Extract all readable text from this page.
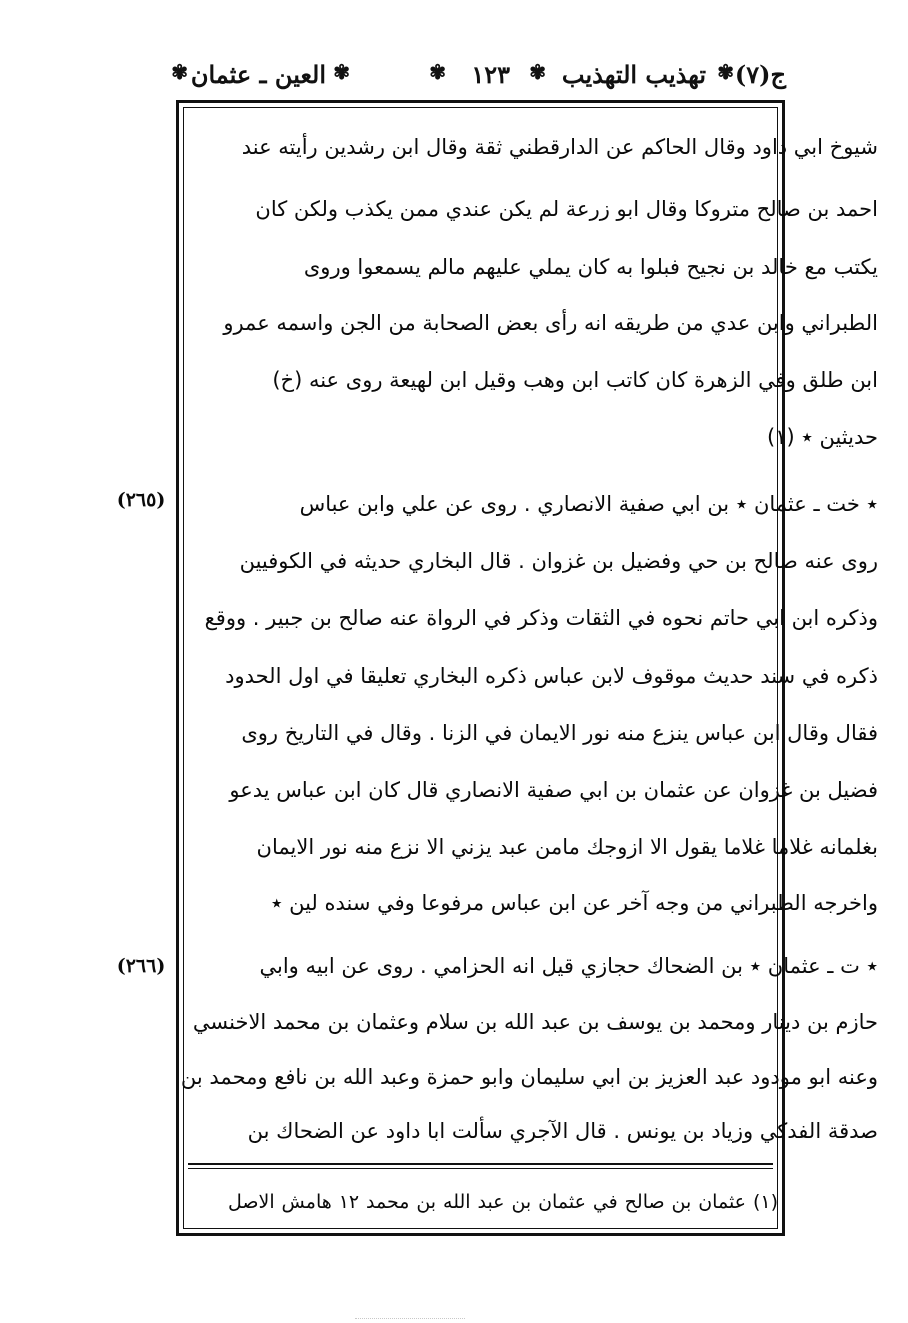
ج(٧)
✾
تهذيب التهذيب
✾
١٢٣
✾
✾
العين ـ عثمان
✾
شيوخ ابي داود وقال الحاكم عن الدارقطني ثقة وقال ابن رشدين رأيته عند
احمد بن صالح متروكا وقال ابو زرعة لم يكن عندي ممن يكذب ولكن كان
يكتب مع خالد بن نجيح فبلوا به كان يملي عليهم مالم يسمعوا وروى
الطبراني وابن عدي من طريقه انه رأى بعض الصحابة من الجن واسمه عمرو
ابن طلق وفي الزهرة كان كاتب ابن وهب وقيل ابن لهيعة روى عنه (خ)
حديثين ٭ (١)
(٢٦٥)	٭ خت ـ عثمان ٭ بن ابي صفية الانصاري . روى عن علي وابن عباس
روى عنه صالح بن حي وفضيل بن غزوان . قال البخاري حديثه في الكوفيين
وذكره ابن ابي حاتم نحوه في الثقات وذكر في الرواة عنه صالح بن جبير . ووقع
ذكره في سند حديث موقوف لابن عباس ذكره البخاري تعليقا في اول الحدود
فقال وقال ابن عباس ينزع منه نور الايمان في الزنا . وقال في التاريخ روى
فضيل بن غزوان عن عثمان بن ابي صفية الانصاري قال كان ابن عباس يدعو
بغلمانه غلاما غلاما يقول الا ازوجك مامن عبد يزني الا نزع منه نور الايمان
واخرجه الطبراني من وجه آخر عن ابن عباس مرفوعا وفي سنده لين ٭
(٢٦٦)	٭ ت ـ عثمان ٭ بن الضحاك حجازي قيل انه الحزامي . روى عن ابيه وابي
حازم بن دينار ومحمد بن يوسف بن عبد الله بن سلام وعثمان بن محمد الاخنسي
وعنه ابو مودود عبد العزيز بن ابي سليمان وابو حمزة وعبد الله بن نافع ومحمد بن
صدقة الفدكي وزياد بن يونس . قال الآجري سألت ابا داود عن الضحاك بن
(١) عثمان بن صالح في عثمان بن عبد الله بن محمد ١٢ هامش الاصل
